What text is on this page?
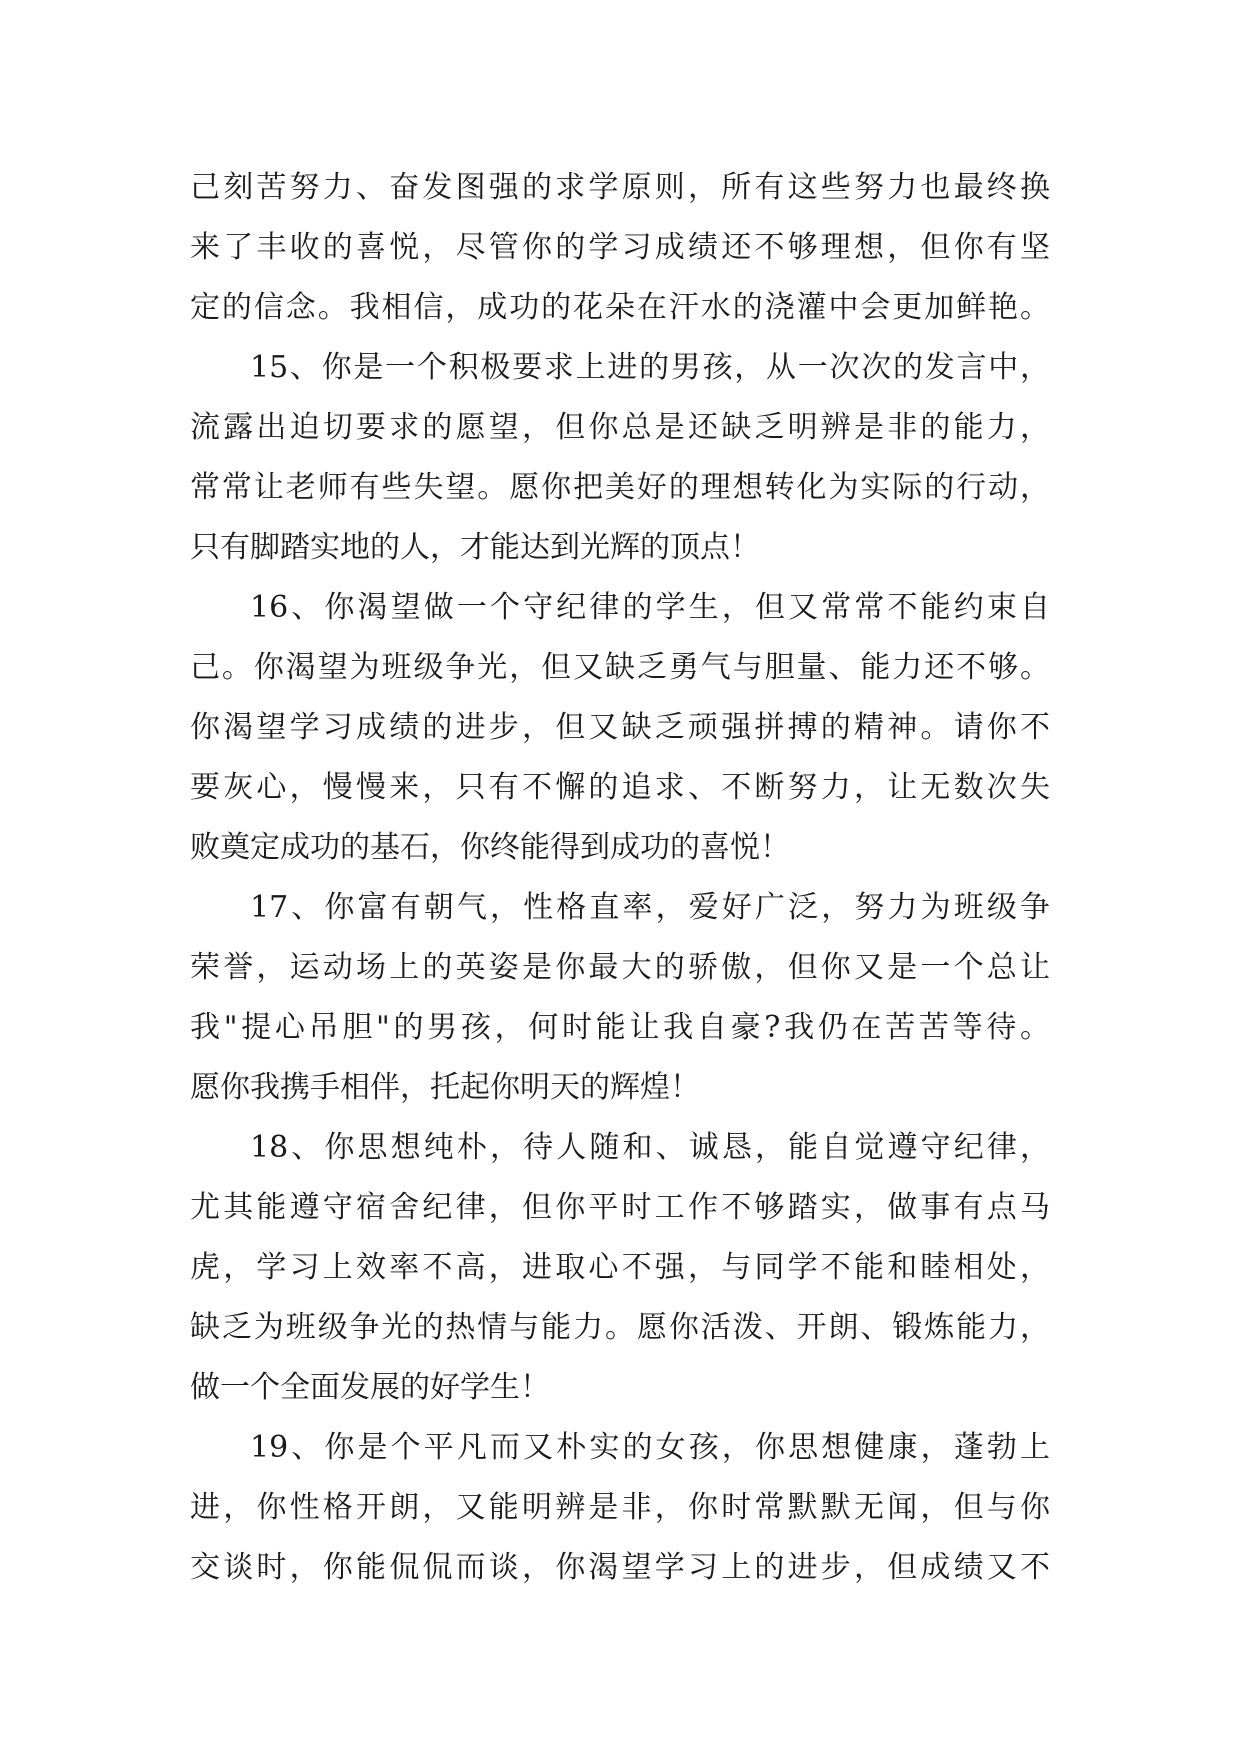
己刻苦努力、奋发图强的求学原则，所有这些努力也最终换
来了丰收的喜悦，尽管你的学习成绩还不够理想，但你有坚
定的信念。我相信，成功的花朵在汗水的浇灌中会更加鲜艳。
15、你是一个积极要求上进的男孩，从一次次的发言中，
流露出迫切要求的愿望，但你总是还缺乏明辨是非的能力，
常常让老师有些失望。愿你把美好的理想转化为实际的行动，
只有脚踏实地的人，才能达到光辉的顶点！
16、你渴望做一个守纪律的学生，但又常常不能约束自
己。你渴望为班级争光，但又缺乏勇气与胆量、能力还不够。
你渴望学习成绩的进步，但又缺乏顽强拼搏的精神。请你不
要灰心，慢慢来，只有不懈的追求、不断努力，让无数次失
败奠定成功的基石，你终能得到成功的喜悦！
17、你富有朝气，性格直率，爱好广泛，努力为班级争
荣誉，运动场上的英姿是你最大的骄傲，但你又是一个总让
我"提心吊胆"的男孩，何时能让我自豪?我仍在苦苦等待。
愿你我携手相伴，托起你明天的辉煌！
18、你思想纯朴，待人随和、诚恳，能自觉遵守纪律，
尤其能遵守宿舍纪律，但你平时工作不够踏实，做事有点马
虎，学习上效率不高，进取心不强，与同学不能和睦相处，
缺乏为班级争光的热情与能力。愿你活泼、开朗、锻炼能力，
做一个全面发展的好学生！
19、你是个平凡而又朴实的女孩，你思想健康，蓬勃上
进，你性格开朗，又能明辨是非，你时常默默无闻，但与你
交谈时，你能侃侃而谈，你渴望学习上的进步，但成绩又不
